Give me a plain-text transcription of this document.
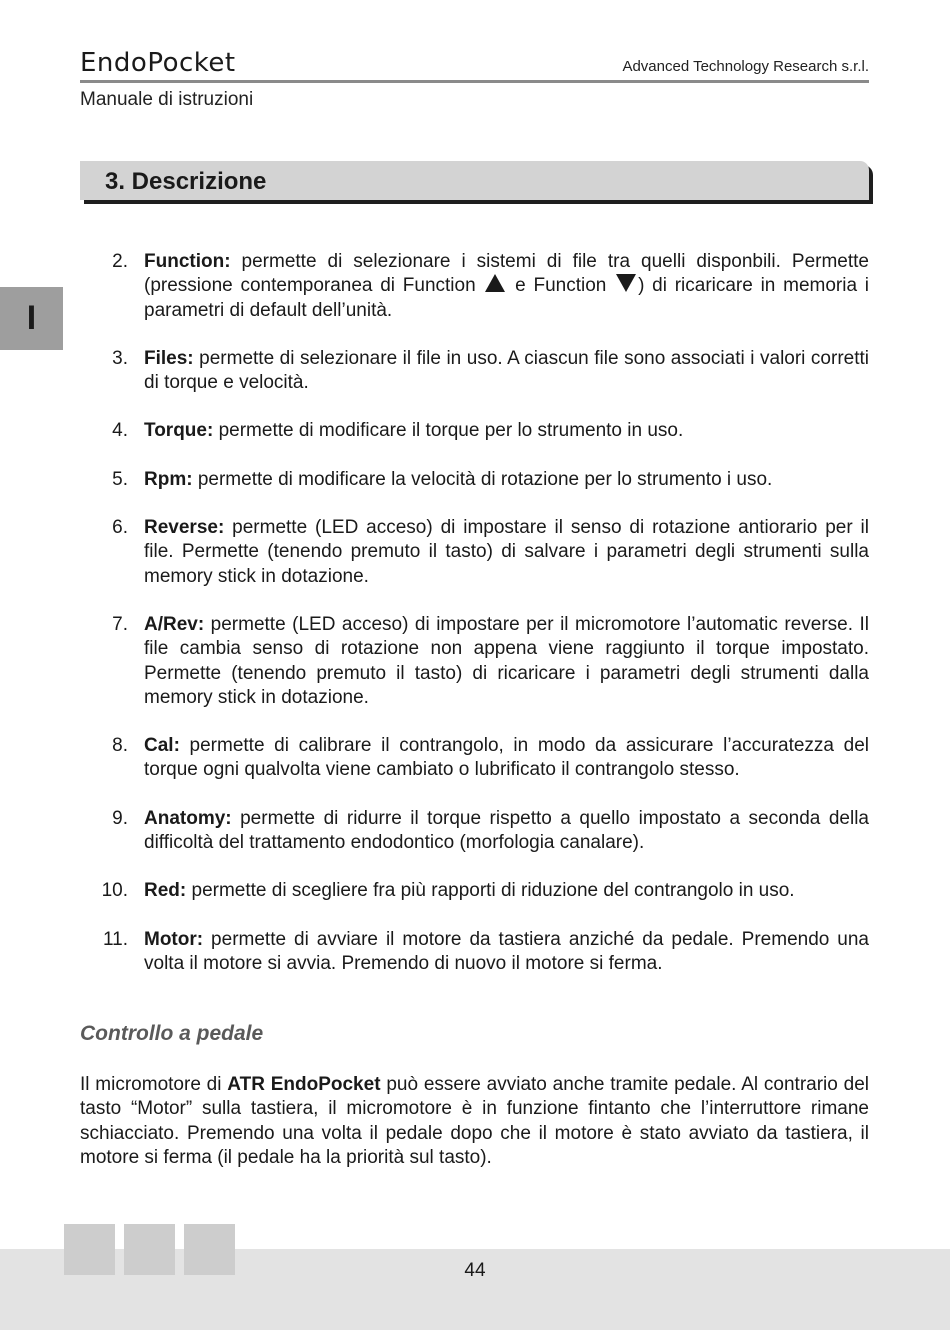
EndoPocket	Advanced Technology Research s.r.l.
Manuale di istruzioni
I
3. Descrizione
2. Function: permette di selezionare i sistemi di file tra quelli disponbili. Permette (pressione contemporanea di Function  e Function ) di ricaricare in memoria i parametri di default dell’unità.
3. Files: permette di selezionare il file in uso. A ciascun file sono associati i valori corretti di torque e velocità.
4. Torque: permette di modificare il torque per lo strumento in uso.
5. Rpm: permette di modificare la velocità di rotazione per lo strumento i uso.
6. Reverse: permette (LED acceso) di impostare il senso di rotazione antiorario per il file. Permette (tenendo premuto il tasto) di salvare i parametri degli strumenti sulla memory stick in dotazione.
7. A/Rev: permette (LED acceso) di impostare per il micromotore l’automatic reverse. Il file cambia senso di rotazione non appena viene raggiunto il torque impostato. Permette (tenendo premuto il tasto) di ricaricare i parametri degli strumenti dalla memory stick in dotazione.
8. Cal: permette di calibrare il contrangolo, in modo da assicurare l’accuratezza del torque ogni qualvolta viene cambiato o lubrificato il contrangolo stesso.
9. Anatomy: permette di ridurre il torque rispetto a quello impostato a seconda della difficoltà del trattamento endodontico (morfologia canalare).
10. Red: permette di scegliere fra più rapporti di riduzione del contrangolo in uso.
11. Motor: permette di avviare il motore da tastiera anziché da pedale. Premendo una volta il motore si avvia. Premendo di nuovo il motore si ferma.
Controllo a pedale
Il micromotore di ATR EndoPocket può essere avviato anche tramite pedale. Al contrario del tasto “Motor” sulla tastiera, il micromotore è in funzione fintanto che l’interruttore rimane schiacciato. Premendo una volta il pedale dopo che il motore è stato avviato da tastiera, il motore si ferma (il pedale ha la priorità sul tasto).
44
